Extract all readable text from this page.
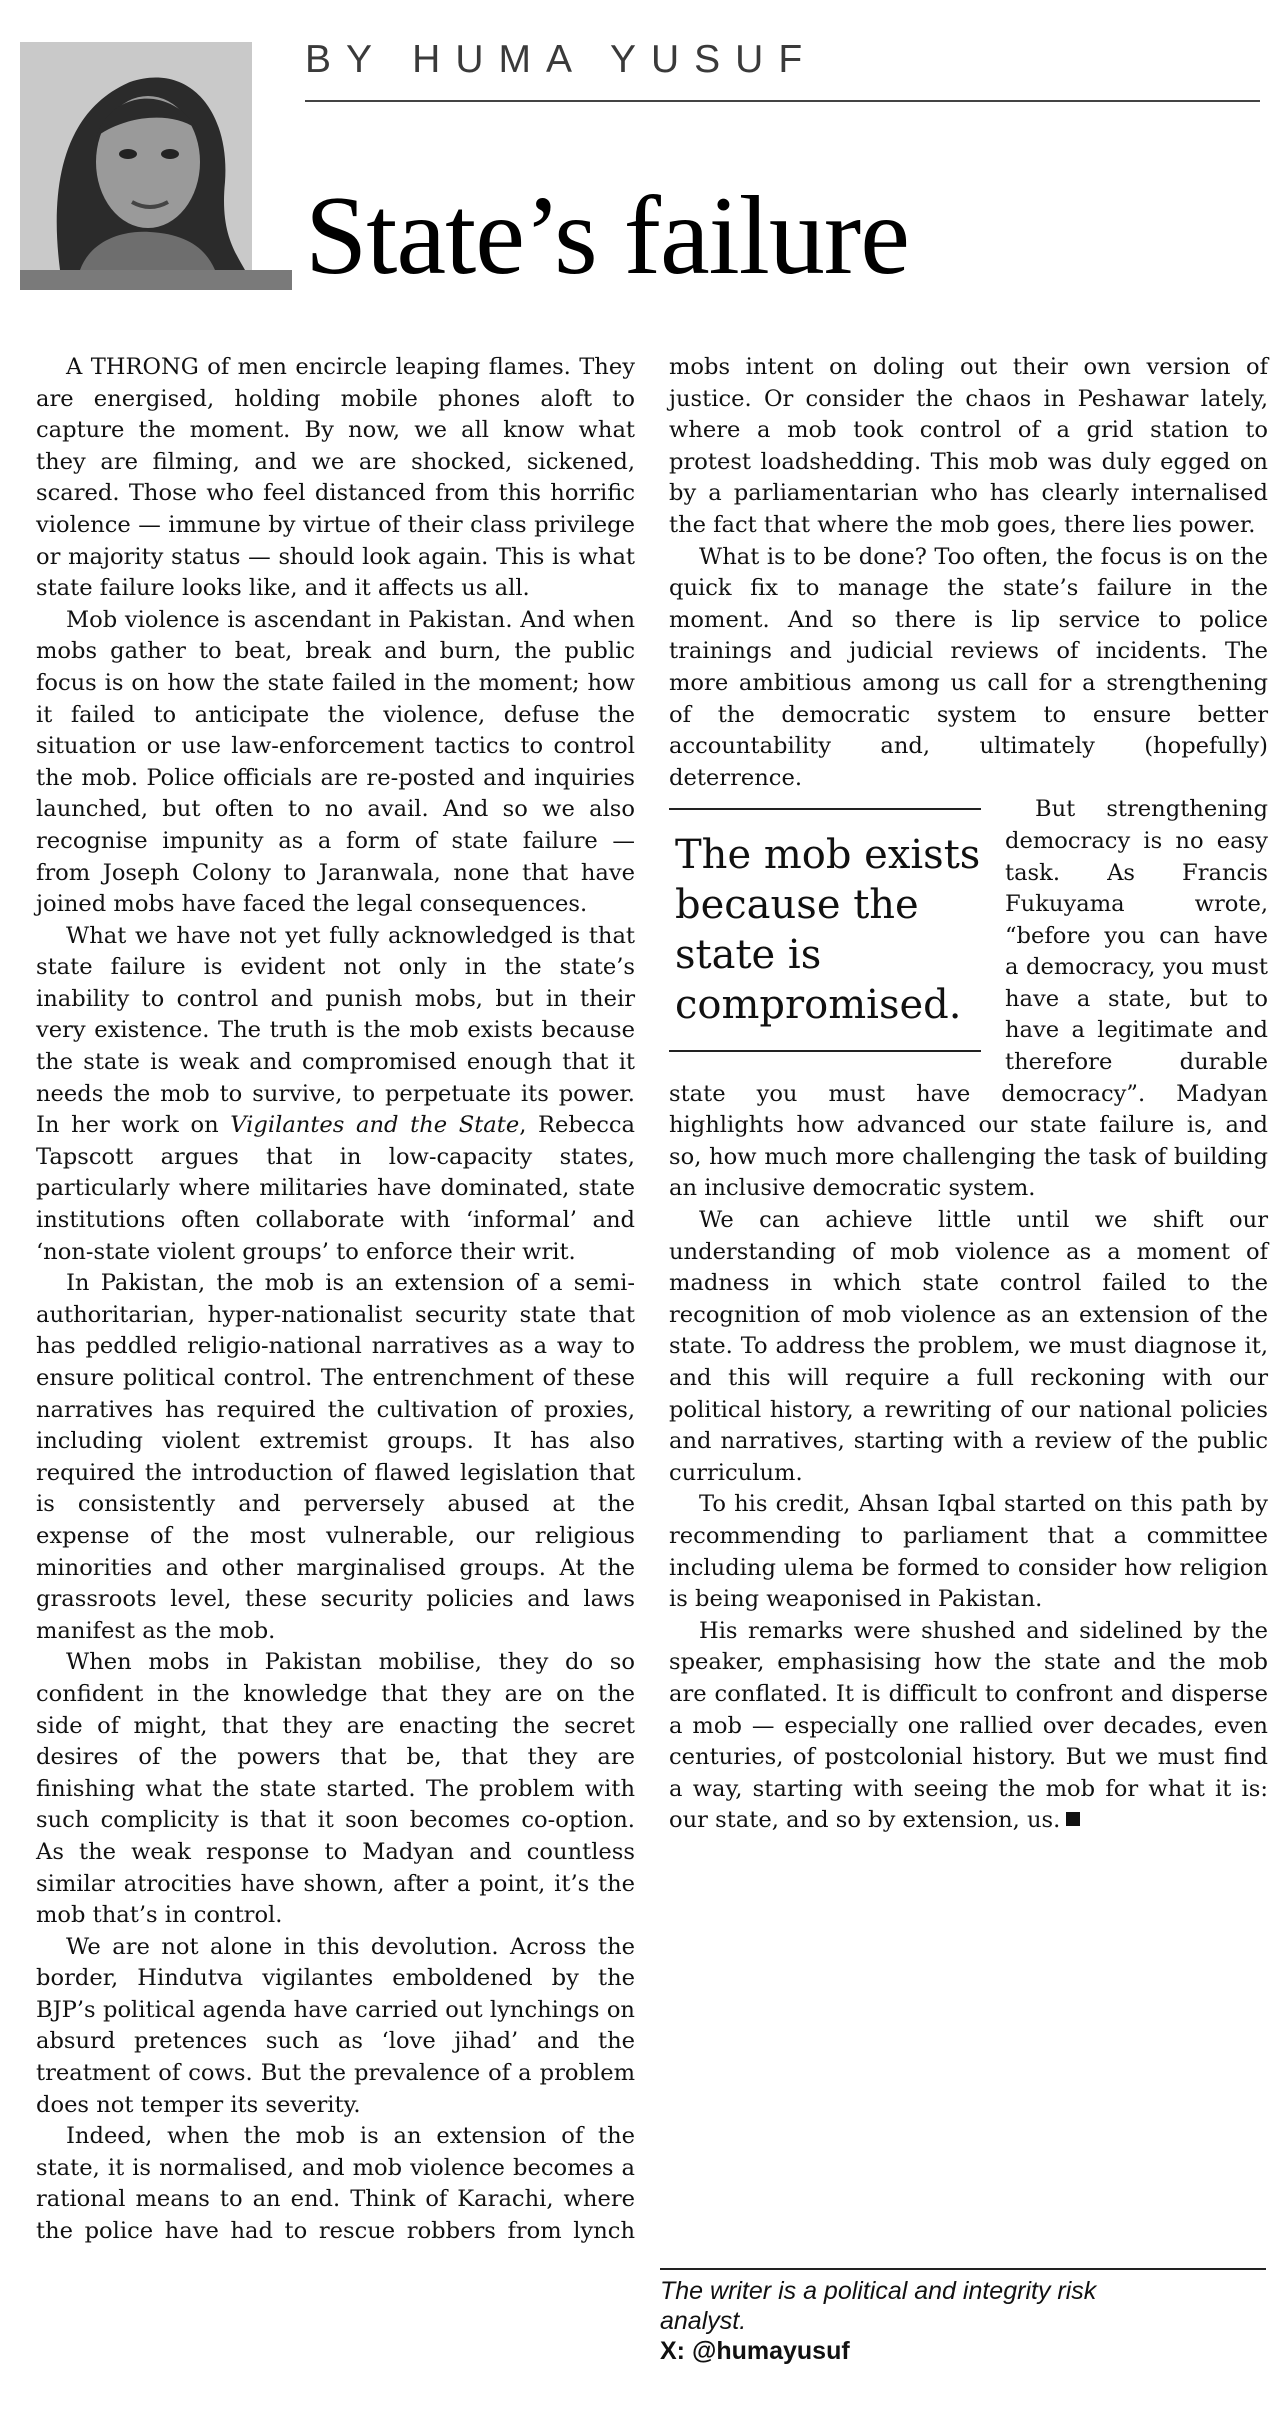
BY HUMA YUSUF
State’s failure

A THRONG of men encircle leaping flames. They are energised, holding mobile phones aloft to capture the moment. By now, we all know what they are filming, and we are shocked, sickened, scared. Those who feel distanced from this horrific violence — immune by virtue of their class privilege or majority status — should look again. This is what state failure looks like, and it affects us all.

Mob violence is ascendant in Pakistan. And when mobs gather to beat, break and burn, the public focus is on how the state failed in the moment; how it failed to anticipate the violence, defuse the situation or use law-enforcement tactics to control the mob. Police officials are re-posted and inquiries launched, but often to no avail. And so we also recognise impunity as a form of state failure — from Joseph Colony to Jaranwala, none that have joined mobs have faced the legal consequences.

What we have not yet fully acknowledged is that state failure is evident not only in the state’s inability to control and punish mobs, but in their very existence. The truth is the mob exists because the state is weak and compromised enough that it needs the mob to survive, to perpetuate its power. In her work on Vigilantes and the State, Rebecca Tapscott argues that in low-capacity states, particularly where militaries have dominated, state institutions often collaborate with ‘informal’ and ‘non-state violent groups’ to enforce their writ.

In Pakistan, the mob is an extension of a semi-authoritarian, hyper-nationalist security state that has peddled religio-national narratives as a way to ensure political control. The entrenchment of these narratives has required the cultivation of proxies, including violent extremist groups. It has also required the introduction of flawed legislation that is consistently and perversely abused at the expense of the most vulnerable, our religious minorities and other marginalised groups. At the grassroots level, these security policies and laws manifest as the mob.

When mobs in Pakistan mobilise, they do so confident in the knowledge that they are on the side of might, that they are enacting the secret desires of the powers that be, that they are finishing what the state started. The problem with such complicity is that it soon becomes co-option. As the weak response to Madyan and countless similar atrocities have shown, after a point, it’s the mob that’s in control.

We are not alone in this devolution. Across the border, Hindutva vigilantes emboldened by the BJP’s political agenda have carried out lynchings on absurd pretences such as ‘love jihad’ and the treatment of cows. But the prevalence of a problem does not temper its severity.

Indeed, when the mob is an extension of the state, it is normalised, and mob violence becomes a rational means to an end. Think of Karachi, where the police have had to rescue robbers from lynch mobs intent on doling out their own version of justice. Or consider the chaos in Peshawar lately, where a mob took control of a grid station to protest loadshedding. This mob was duly egged on by a parliamentarian who has clearly internalised the fact that where the mob goes, there lies power.

What is to be done? Too often, the focus is on the quick fix to manage the state’s failure in the moment. And so there is lip service to police trainings and judicial reviews of incidents. The more ambitious among us call for a strengthening of the democratic system to ensure better accountability and, ultimately (hopefully) deterrence.

The mob exists because the state is compromised.

But strengthening democracy is no easy task. As Francis Fukuyama wrote, “before you can have a democracy, you must have a state, but to have a legitimate and therefore durable state you must have democracy”. Madyan highlights how advanced our state failure is, and so, how much more challenging the task of building an inclusive democratic system.

We can achieve little until we shift our understanding of mob violence as a moment of madness in which state control failed to the recognition of mob violence as an extension of the state. To address the problem, we must diagnose it, and this will require a full reckoning with our political history, a rewriting of our national policies and narratives, starting with a review of the public curriculum.

To his credit, Ahsan Iqbal started on this path by recommending to parliament that a committee including ulema be formed to consider how religion is being weaponised in Pakistan.

His remarks were shushed and sidelined by the speaker, emphasising how the state and the mob are conflated. It is difficult to confront and disperse a mob — especially one rallied over decades, even centuries, of postcolonial history. But we must find a way, starting with seeing the mob for what it is: our state, and so by extension, us.

The writer is a political and integrity risk analyst.
X: @humayusuf
